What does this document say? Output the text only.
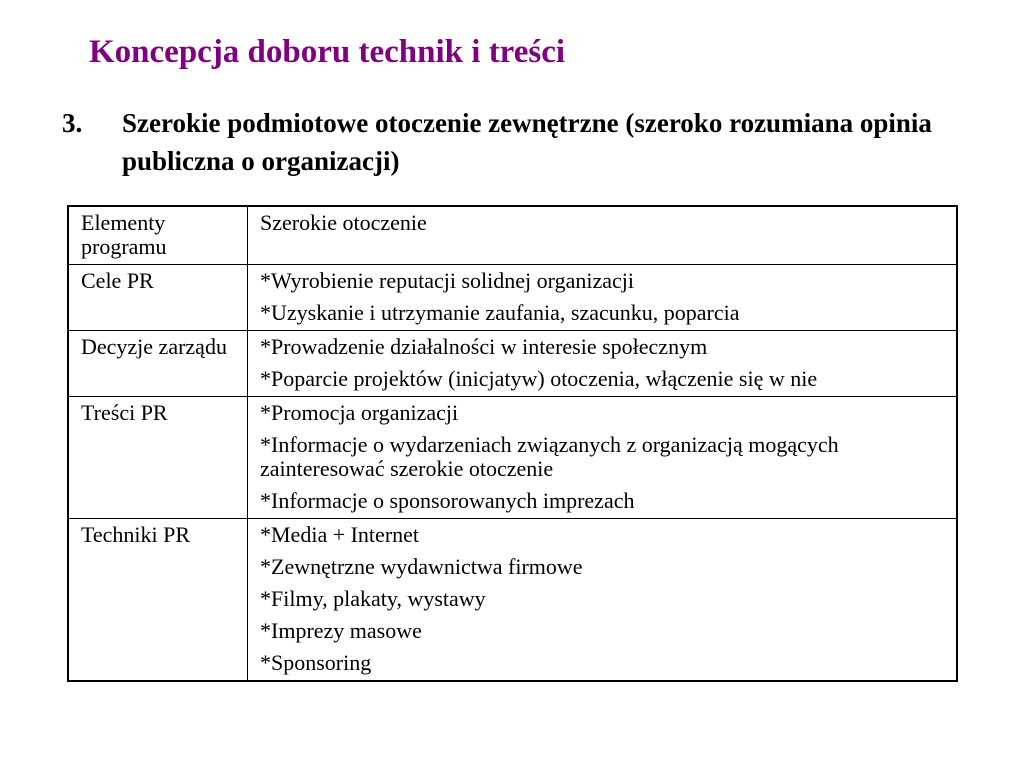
Koncepcja doboru technik i treści
3. Szerokie podmiotowe otoczenie zewnętrzne (szeroko rozumiana opinia publiczna o organizacji)

Elementy programu	Szerokie otoczenie
Cele PR	*Wyrobienie reputacji solidnej organizacji
*Uzyskanie i utrzymanie zaufania, szacunku, poparcia

Decyzje zarządu	*Prowadzenie działalności w interesie społecznym
*Poparcie projektów (inicjatyw) otoczenia, włączenie się w nie

Treści PR	*Promocja organizacji
*Informacje o wydarzeniach związanych z organizacją mogących zainteresować szerokie otoczenie
*Informacje o sponsorowanych imprezach

Techniki PR	*Media + Internet
*Zewnętrzne wydawnictwa firmowe
*Filmy, plakaty, wystawy
*Imprezy masowe
*Sponsoring
